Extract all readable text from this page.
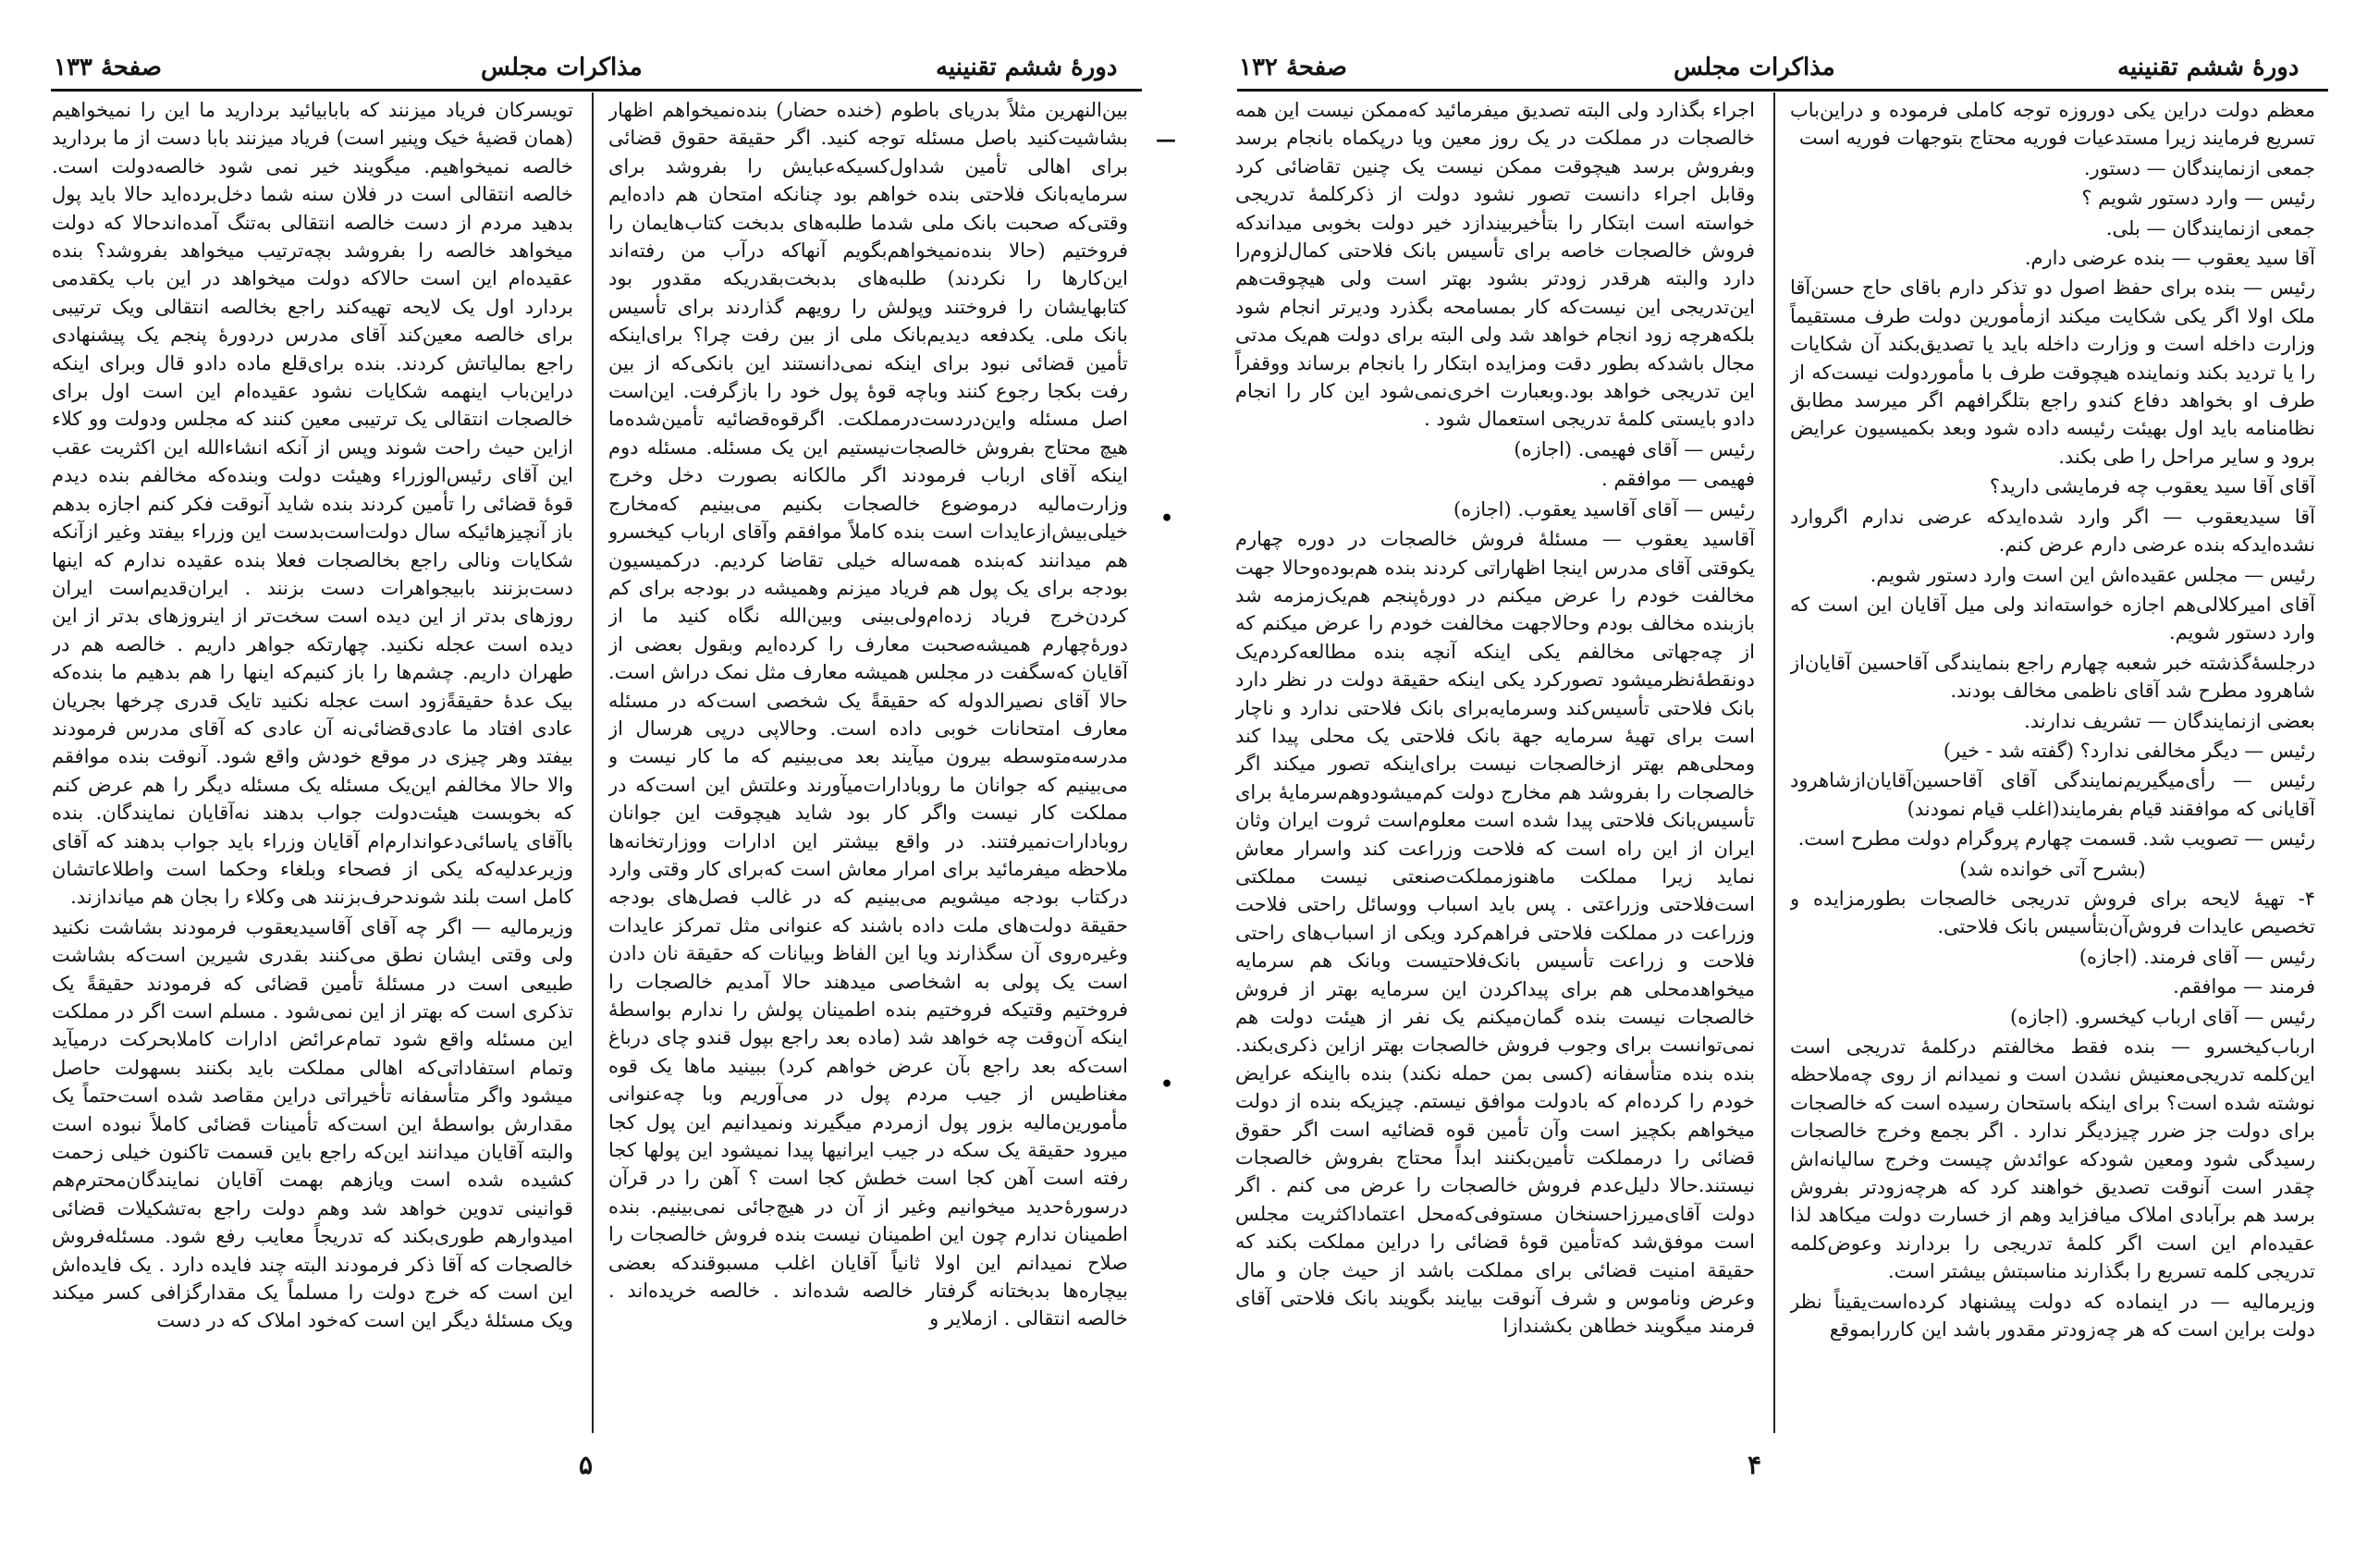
صفحهٔ ۱۳۳	مذاکرات مجلس	دورهٔ ششم تقنینیه

تویسرکان فریاد میزنند که بابابیائید بردارید ما این را نمیخواهیم (همان قضیهٔ خیک وپنیر است) فریاد میزنند بابا دست از ما بردارید خالصه نمیخواهیم. میگویند خیر نمی شود خالصه‌دولت است. خالصه انتقالی است در فلان سنه شما دخل‌برده‌اید حالا باید پول بدهید مردم از دست خالصه انتقالی به‌تنگ آمده‌اند‌حالا که دولت میخواهد خالصه را بفروشد بچه‌ترتیب میخواهد بفروشد؟ بنده عقیده‌ام این است حالا‌که دولت میخواهد در این باب یکقدمی بردارد اول یک لایحه تهیه‌کند راجع بخالصه انتقالی ویک ترتیبی برای خالصه معین‌کند آقای مدرس دردورهٔ پنجم یک پیشنهادی راجع بمالیاتش کردند. بنده برای‌قلع ماده دادو قال وبرای اینکه دراین‌باب اینهمه شکایات نشود عقیده‌ام این است اول برای خالصجات انتقالی یک ترتیبی معین کنند که مجلس ودولت وو کلاء ازاین حیث راحت شوند وپس از آنکه انشاءالله این اکثریت عقب این آقای رئیس‌الوزراء وهیئت دولت وبنده‌که مخالفم بنده دیدم قوهٔ قضائی را تأمین کردند بنده شاید آنوقت فکر کنم اجازه بدهم باز آنچیزهائیکه سال دولت‌است‌بدست این وزراء بیفتد وغیر ازآنکه شکایات ونالی راجع بخالصجات فعلا بنده عقیده ندارم که ‌اینها دست‌بزنند بابیجواهرات دست بزنند . ایران‌قدیم‌است ایران روزهای بدتر از این دیده است سخت‌تر از اینروزهای بدتر از این دیده است عجله نکنید. چهارتکه جواهر داریم . خالصه هم در طهران داریم. چشم‌ها را باز کنیم‌که اینها را هم بدهیم ما بنده‌که بیک عدهٔ حقیقةً‌زود است عجله نکنید تایک قدری چرخها بجریان عادی افتاد ما عادی‌قضائی‌نه آن عادی که آقای مدرس فرمودند بیفتد وهر چیزی در موقع خودش واقع شود. آنوقت بنده موافقم والا حالا مخالفم این‌یک مسئله یک مسئله دیگر را هم عرض کنم که بخوبست هیئت‌دولت جواب بدهند نه‌آقایان نمایندگان. بنده باآقای یاسائی‌دعوا‌ندارم‌ام آقایان وزراء باید جواب بدهند که آقای وزیرعدلیه‌که یکی از فصحاء وبلغاء وحکما است واطلاعاتشان کامل است بلند شوند‌حرف‌بزنند ‌هی وکلاء را بجان هم میاندازند.

وزیرمالیه — اگر چه آقای آقاسیدیعقوب فرمودند بشاشت نکنید ولی وقتی ایشان نطق می‌کنند بقدری شیرین است‌که بشاشت طبیعی است در مسئلهٔ تأمین قضائی که فرمودند حقیقةً یک تذکری است که بهتر از این نمی‌شود . مسلم است اگر در مملکت این مسئله واقع شود تمام‌عرائض ادارات کاملا‌بحرکت درمیآید وتمام استفاداتی‌که اهالی مملکت باید بکنند بسهولت حاصل میشود واگر متأسفانه تأخیراتی دراین مقاصد شده است‌حتماً یک مقدارش بواسطهٔ این است‌که تأمینات قضائی کاملاً نبوده است والبته آقایان میدانند این‌که راجع باین قسمت تاکنون خیلی زحمت کشیده شده است ویازهم بهمت آقایان نمایندگان‌محترم‌هم قوانینی تدوین خواهد شد وهم دولت راجع به‌تشکیلات قضائی امیدوارهم طوری‌بکند که تدریجاً معایب رفع شود. مسئله‌فروش خالصجات که آقا ذکر فرمودند البته چند فایده دارد . یک فایده‌اش این است که خرج دولت را مسلماً یک مقدارگزافی کسر میکند ویک مسئلهٔ دیگر این است که‌خود املاک که در دست

بین‌النهرین مثلاً بدریای باطوم (خنده حضار) بنده‌نمیخواهم اظهار بشاشیت‌کنید باصل مسئله توجه کنید. اگر حقیقة حقوق قضائی برای اهالی تأمین شد‌اول‌کسیکه‌عبایش را بفروشد برای سرمایه‌بانک فلاحتی بنده خواهم بود چنانکه امتحان هم داده‌ایم وقتی‌که صحبت بانک ملی شد‌ما طلبه‌های بدبخت کتاب‌هایمان را فروختیم (حالا بنده‌نمیخواهم‌بگویم آنهاکه درآب من رفته‌اند این‌کارها را نکردند) طلبه‌های بدبخت‌بقدریکه مقدور بود کتابهایشان را فروختند وپولش را رویهم گذاردند برای تأسیس بانک ملی. یکدفعه دیدیم‌بانک ملی از بین رفت چرا؟ برای‌اینکه تأمین قضائی نبود برای اینکه نمی‌دانستند این بانکی‌که از بین رفت بکجا رجوع کنند وباچه قوهٔ پول خود را بازگرفت. این‌است اصل مسئله واین‌دردست‌درمملکت. اگرقوه‌قضائیه تأمین‌شده‌ما هیچ محتاج بفروش خالصجات‌نیستیم این یک مسئله. مسئله دوم اینکه آقای ارباب فرمودند اگر مالکانه بصورت دخل وخرج وزارت‌مالیه درموضوع خالصجات بکنیم می‌بینیم که‌مخارج خیلی‌بیش‌ازعایدات است بنده کاملاً موافقم وآقای ارباب کیخسرو هم میدانند که‌بنده همه‌ساله خیلی تقاضا کردیم. درکمیسیون بودجه برای یک پول هم فریاد میزنم وهمیشه در بودجه برای کم کردن‌خرج فریاد زده‌ام‌ولی‌بینی وبین‌الله نگاه کنید ما از دورهٔ‌چهارم همیشه‌صحبت معارف را کرده‌ایم وبقول بعضی از آقایان که‌سگفت در مجلس همیشه معارف مثل نمک دراش است. حالا آقای نصیرالدوله که حقیقةً یک شخصی است‌که در مسئله معارف امتحانات خوبی داده است. وحالاپی درپی هرسال از مدرسه‌متوسطه بیرون میآیند بعد می‌بینیم که ما کار نیست و می‌بینیم که جوانان ما روبادارات‌میآورند وعلتش این است‌که در مملکت کار نیست واگر کار بود شاید هیچوقت این جوانان روبادارات‌نمیرفتند. در واقع بیشتر این ادارات ووزارتخانه‌ها ملاحظه میفرمائید برای امرار معاش است که‌برای کار وقتی وارد درکتاب بودجه میشویم می‌بینیم که در غالب فصل‌های بودجه حقیقة دولت‌های ملت داده باشند که عنوانی مثل تمرکز عایدات وغیره‌روی آن سگذارند ویا این الفاظ وبیانات که حقیقة نان دادن است یک پولی به اشخاصی میدهند حالا آمدیم خالصجات را فروختیم وقتیکه فروختیم بنده اطمینان پولش را ندارم بواسطهٔ اینکه آن‌وقت چه خواهد شد (ماده بعد راجع بپول قندو چای درباغ است‌که بعد راجع بآن عرض خواهم کرد) ببینید ماها یک قوه مغناطیس از جیب مردم پول در می‌آوریم وبا چه‌عنوانی مأمورین‌مالیه بزور پول ازمردم میگیرند ونمیدانیم این پول کجا میرود حقیقة یک سکه در جیب ایرانیها پیدا نمیشود این پولها کجا رفته است آهن کجا است خطش کجا است ؟ آهن را در قرآن درسورهٔ‌حدید میخوانیم وغیر از آن در هیچ‌جائی نمی‌بینیم. بنده اطمینان ندارم چون این اطمینان نیست بنده فروش خالصجات را صلاح نمیدانم این اولا ثانیاً آقایان اغلب مسبوقند‌که بعضی بیچاره‌ها بدبختانه گرفتار خالصه شده‌اند . خالصه خریده‌اند . خالصه انتقالی . ازملایر و

—
•
•
۵
دورهٔ ششم تقنینیه
مذاکرات مجلس
صفحهٔ ۱۳۲

اجراء بگذارد ولی البته تصدیق میفرمائید که‌ممکن نیست این همه خالصجات در مملکت در یک روز معین ویا درپکماه بانجام برسد وبفروش برسد هیچوقت ممکن نیست یک چنین تقاضائی کرد وقابل اجراء دانست تصور نشود دولت از ذکرکلمهٔ تدریجی خواسته است ابتکار را بتأخیربیندازد خیر دولت بخوبی میداند‌که فروش خالصجات خاصه برای تأسیس بانک فلاحتی کمال‌لزوم‌را دارد والبته هرقدر زودتر بشود بهتر است ولی هیچوقت‌هم این‌تدریجی این نیست‌که کار بمسامحه بگذرد ودیرتر انجام شود بلکه‌هرچه زود انجام خواهد شد ولی البته برای دولت هم‌یک مدتی مجال باشد‌که بطور دقت ومزایده ابتکار را بانجام برساند ووقفراً این تدریجی خواهد بود.وبعبارت اخری‌نمی‌شود این کار را انجام دادو بایستی کلمهٔ تدریجی استعمال شود .

رئیس — آقای فهیمی. (اجازه)

فهیمی — موافقم .

رئیس — آقای آقاسید یعقوب. (اجازه)

آقاسید یعقوب — مسئلهٔ فروش خالصجات در دوره چهارم یکوقتی آقای مدرس اینجا اظهاراتی کردند بنده هم‌بوده‌وحالا جهت مخالفت خودم را عرض میکنم در دورهٔ‌پنجم هم‌یک‌زمزمه شد بازبنده مخالف بودم وحالاجهت مخالفت خودم را عرض میکنم که از چه‌جهاتی مخالفم یکی اینکه آنچه بنده مطالعه‌کردم‌یک دونقطهٔ‌نظرمیشود تصورکرد یکی اینکه حقیقة دولت در نظر دارد بانک فلاحتی تأسیس‌کند وسرمایه‌برای بانک فلاحتی ندارد و ناچار است برای تهیهٔ سرمایه جهة بانک فلاحتی یک محلی پیدا کند ومحلی‌هم بهتر ازخالصجات نیست برای‌اینکه تصور میکند اگر خالصجات را بفروشد هم مخارج دولت کم‌میشودوهم‌سرمایهٔ برای تأسیس‌بانک فلاحتی پیدا شده است معلوم‌است ثروت ایران وثان ایران از این راه است که فلاحت وزراعت کند واسرار معاش نماید زیرا مملکت ماهنوزمملکت‌صنعتی نیست مملکتی است‌فلاحتی وزراعتی . پس باید اسباب ووسائل راحتی فلاحت وزراعت در مملکت فلاحتی فراهم‌کرد ویکی از اسباب‌های راحتی فلاحت و زراعت تأسیس بانک‌فلاحتیست وبانک هم سرمایه میخواهدمحلی هم برای پیداکردن این سرمایه بهتر از فروش خالصجات نیست بنده گمان‌میکنم یک نفر از هیئت دولت هم نمی‌توانست برای وجوب فروش خالصجات بهتر ازاین ذکری‌بکند. بنده بنده متأسفانه (کسی بمن حمله نکند) بنده بااینکه عرایض خودم را کرده‌ام که بادولت موافق نیستم. چیزیکه بنده از دولت میخواهم بکچیز است وآن تأمین قوه قضائیه است اگر حقوق قضائی را درمملکت تأمین‌بکنند ابداً محتاج بفروش خالصجات نیستند.حالا دلیل‌عدم فروش خالصجات را عرض می کنم . اگر دولت آقای‌میرزاحسنخان مستوفی‌که‌محل اعتماد‌اکثریت مجلس است موفق‌شد که‌تأمین قوهٔ قضائی را دراین مملکت بکند که حقیقة امنیت قضائی برای مملکت باشد از حیث جان و مال وعرض وناموس و شرف آنوقت بیایند بگویند بانک فلاحتی آقای فرمند میگویند خطاهن بکشندازا

معظم دولت دراین یکی دوروزه توجه کاملی فرموده و دراین‌باب تسریع فرمایند زیرا مستدعیات فوریه محتاج بتوجهات فوریه است

جمعی ازنمایندگان — دستور.

رئیس — وارد دستور شویم ؟

جمعی ازنمایندگان — بلی.

آقا سید یعقوب — بنده عرضی دارم.

رئیس — بنده برای حفظ اصول دو تذکر دارم باقای حاج حسن‌آقا ملک اولا اگر یکی شکایت میکند ازمأمورین دولت طرف مستقیماً وزارت داخله است و وزارت داخله باید یا تصدیق‌بکند آن شکایات را یا تردید بکند ونماینده هیچوقت طرف با مأموردولت نیست‌که از طرف او بخواهد دفاع کندو راجع بتلگرافهم اگر میرسد مطابق نظامنامه باید اول بهیئت رئیسه داده شود وبعد بکمیسیون عرایض برود و سایر مراحل را طی بکند.

آقای آقا سید یعقوب چه فرمایشی دارید؟

آقا سیدیعقوب — اگر وارد شده‌اید‌که عرضی ندارم اگروارد نشده‌اید‌که بنده عرضی دارم عرض کنم.

رئیس — مجلس عقیده‌اش این است وارد دستور شویم.

آقای امیرکلالی‌هم اجازه خواسته‌اند ولی میل آقایان این است که وارد دستور شویم.

درجلسهٔ‌گذشته خبر شعبه چهارم راجع بنمایندگی آقاحسین آقایان‌از شاهرود مطرح شد آقای ناظمی مخالف بودند.

بعضی ازنمایندگان — تشریف ندارند.

رئیس — دیگر مخالفی ندارد؟ (گفته شد - خیر)

رئیس — رأی‌میگیریم‌نمایندگی آقای آقاحسین‌آقایان‌ازشاهرود آقایانی که موافقند قیام بفرمایند(اغلب قیام نمودند)

رئیس — تصویب شد. قسمت چهارم پروگرام دولت مطرح است.

(بشرح آتی خوانده شد)

۴- تهیهٔ لایحه برای فروش تدریجی خالصجات بطورمزایده و تخصیص عایدات فروش‌آن‌بتأسیس بانک فلاحتی.

رئیس — آقای فرمند. (اجازه)

فرمند — موافقم.

رئیس — آقای ارباب کیخسرو. (اجازه)

ارباب‌کیخسرو — بنده فقط مخالفتم درکلمهٔ تدریجی است این‌کلمه تدریجی‌معنیش نشدن است و نمیدانم از روی چه‌ملاحظه نوشته شده است؟ برای اینکه باستحان رسیده است که خالصجات برای دولت جز ضرر چیزدیگر ندارد . اگر بجمع وخرج خالصجات رسیدگی شود ومعین شودکه عوائدش چیست وخرج سالیانه‌اش چقدر است آنوقت تصدیق خواهند کرد که هرچه‌زودتر بفروش برسد هم برآبادی املاک میافزاید وهم از خسارت دولت میکاهد لذا عقیده‌ام این است اگر کلمهٔ تدریجی را بردارند وعوض‌کلمه تدریجی کلمه تسریع را بگذارند مناسبتش بیشتر است.

وزیرمالیه — در اینماده که دولت پیشنهاد کرده‌است‌یقیناً نظر دولت براین است که هر چه‌زودتر مقدور باشد این کاررابموقع

۴
